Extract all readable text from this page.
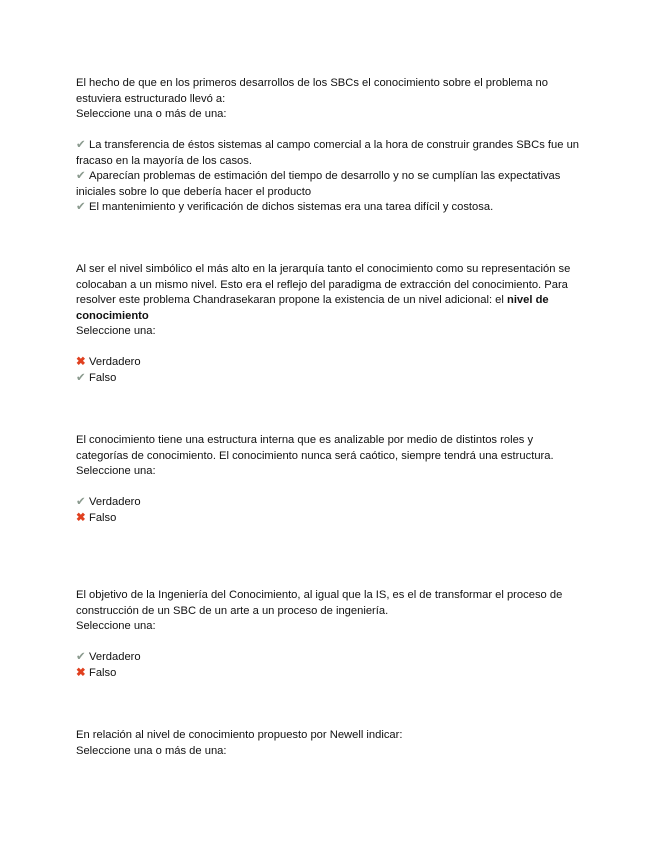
El hecho de que en los primeros desarrollos de los SBCs el conocimiento sobre el problema no estuviera estructurado llevó a:

Seleccione una o más de una:

✔ La transferencia de éstos sistemas al campo comercial a la hora de construir grandes SBCs fue un fracaso en la mayoría de los casos.
✔ Aparecían problemas de estimación del tiempo de desarrollo y no se cumplían las expectativas iniciales sobre lo que debería hacer el producto
✔ El mantenimiento y verificación de dichos sistemas era una tarea difícil y costosa.

Al ser el nivel simbólico el más alto en la jerarquía tanto el conocimiento como su representación se colocaban a un mismo nivel. Esto era el reflejo del paradigma de extracción del conocimiento. Para resolver este problema Chandrasekaran propone la existencia de un nivel adicional: el nivel de conocimiento

Seleccione una:

✖ Verdadero
✔ Falso

El conocimiento tiene una estructura interna que es analizable por medio de distintos roles y categorías de conocimiento. El conocimiento nunca será caótico, siempre tendrá una estructura.

Seleccione una:

✔ Verdadero
✖ Falso

El objetivo de la Ingeniería del Conocimiento, al igual que la IS, es el de transformar el proceso de construcción de un SBC de un arte a un proceso de ingeniería.

Seleccione una:

✔ Verdadero
✖ Falso

En relación al nivel de conocimiento propuesto por Newell indicar:

Seleccione una o más de una:
